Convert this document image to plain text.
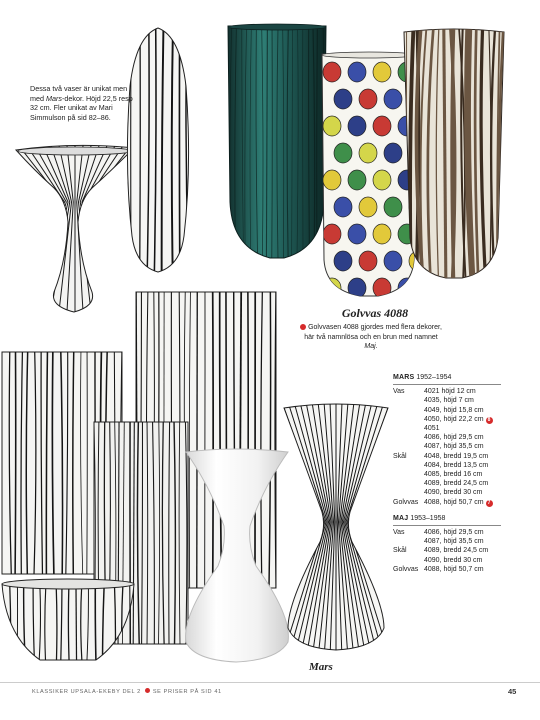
Dessa två vaser är unikat men med Mars-dekor. Höjd 22,5 resp 32 cm. Fler unikat av Mari Simmulson på sid 82–86.
Golvvas 4088
Golvvasen 4088 gjordes med flera dekorer, här två namnlösa och en brun med namnet Maj.
MARS 1952–1954
Vas	4021 höjd 12 cm
4035, höjd 7 cm
4049, höjd 15,8 cm
4050, höjd 22,2 cm 8
4051
4086, höjd 29,5 cm
4087, höjd 35,5 cm
Skål	4048, bredd 19,5 cm
4084, bredd 13,5 cm
4085, bredd 16 cm
4089, bredd 24,5 cm
4090, bredd 30 cm
Golvvas 4088, höjd 50,7 cm 7
MAJ 1953–1958
Vas	4086, höjd 29,5 cm
4087, höjd 35,5 cm
Skål	4089, bredd 24,5 cm
4090, bredd 30 cm
Golvvas 4088, höjd 50,7 cm
Mars
KLASSIKER UPSALA-EKEBY DEL 2 SE PRISER PÅ SID 41	45
